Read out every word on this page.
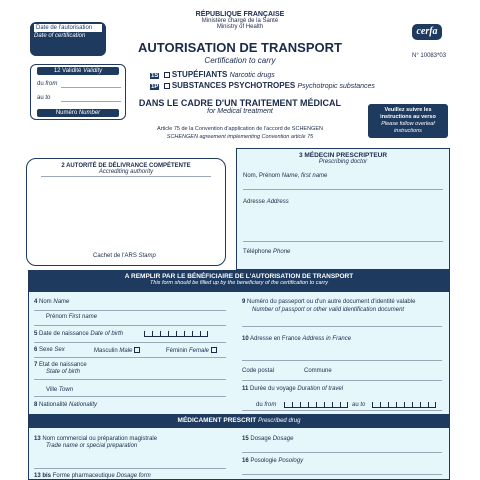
Date de l'autorisation
Date of certification
RÉPUBLIQUE FRANÇAISE
Ministère chargé de la Santé
Ministry of Health
AUTORISATION DE TRANSPORT
Certification to carry
cerfa
N° 10083*03
12 Validité Validity
du from
au to
Numéro Number
1S STUPÉFIANTS Narcotic drugs
1P SUBSTANCES PSYCHOTROPES Psychotropic substances
DANS LE CADRE D'UN TRAITEMENT MÉDICAL
for Medical treatment	Veuillez suivre les
instructions au verso
Please follow overleaf
instructions
Article 75 de la Convention d'application de l'accord de SCHENGEN
SCHENGEN agreement implementing Convention article 75
2 AUTORITÉ DE DÉLIVRANCE COMPÉTENTE
Accrediting authority
Cachet de l'ARS Stamp
3 MÉDECIN PRESCRIPTEUR
Prescribing doctor
Nom, Prénom Name, first name
Adresse Address
Téléphone Phone
A REMPLIR PAR LE BÉNÉFICIAIRE DE L'AUTORISATION DE TRANSPORT
This form should be filled up by the beneficiary of the certification to carry
4 Nom Name
Prénom First name
5 Date de naissance Date of birth
6 Sexe Sex	Masculin Male	Féminin Female
7 Etat de naissance
State of birth
Ville Town
8 Nationalité Nationality
9 Numéro du passeport ou d'un autre document d'identité valable
Number of passport or other valid identification document
10 Adresse en France Address in France
Code postal	Commune
11 Durée du voyage Duration of travel
du from	au to
MÉDICAMENT PRESCRIT Prescribed drug
13 Nom commercial ou préparation magistrale
Trade name or special preparation
13 bis Forme pharmaceutique Dosage form
15 Dosage Dosage
16 Posologie Posology
